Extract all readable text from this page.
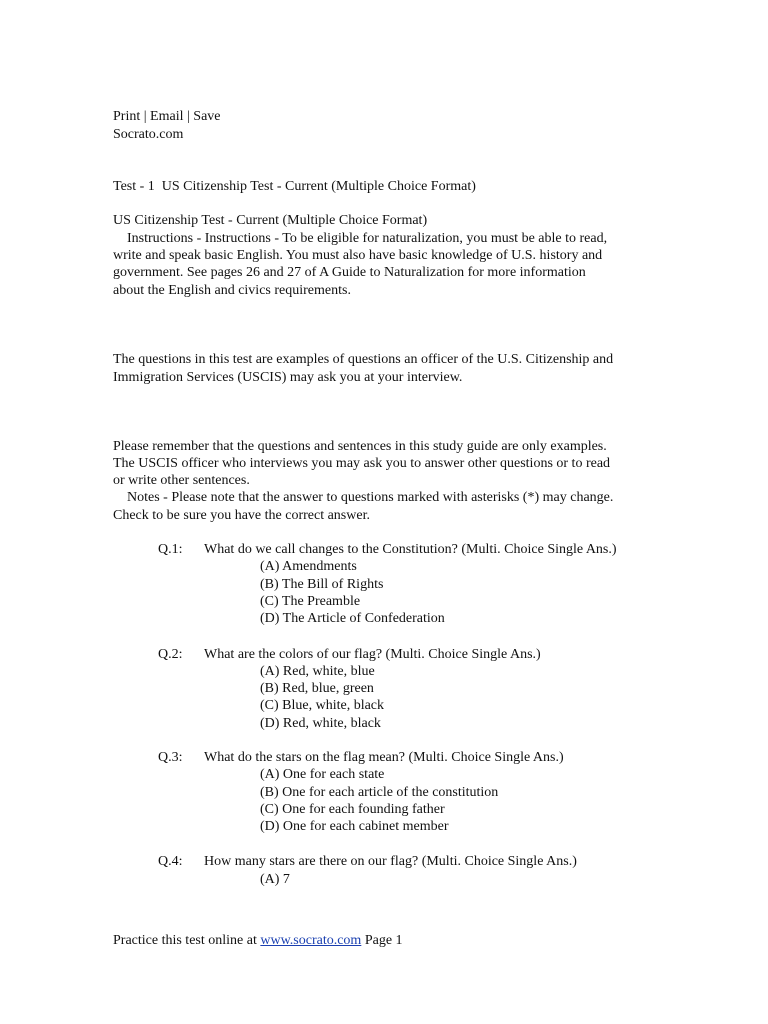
Print | Email | Save
Socrato.com
Test - 1  US Citizenship Test - Current (Multiple Choice Format)
US Citizenship Test - Current (Multiple Choice Format)
Instructions - Instructions - To be eligible for naturalization, you must be able to read,
write and speak basic English. You must also have basic knowledge of U.S. history and
government. See pages 26 and 27 of A Guide to Naturalization for more information
about the English and civics requirements.
The questions in this test are examples of questions an officer of the U.S. Citizenship and
Immigration Services (USCIS) may ask you at your interview.
Please remember that the questions and sentences in this study guide are only examples.
The USCIS officer who interviews you may ask you to answer other questions or to read
or write other sentences.
Notes - Please note that the answer to questions marked with asterisks (*) may change.
Check to be sure you have the correct answer.
Q.1: What do we call changes to the Constitution? (Multi. Choice Single Ans.)
(A) Amendments
(B) The Bill of Rights
(C) The Preamble
(D) The Article of Confederation
Q.2: What are the colors of our flag? (Multi. Choice Single Ans.)
(A) Red, white, blue
(B) Red, blue, green
(C) Blue, white, black
(D) Red, white, black
Q.3: What do the stars on the flag mean? (Multi. Choice Single Ans.)
(A) One for each state
(B) One for each article of the constitution
(C) One for each founding father
(D) One for each cabinet member
Q.4: How many stars are there on our flag? (Multi. Choice Single Ans.)
(A) 7
Practice this test online at www.socrato.com Page 1
